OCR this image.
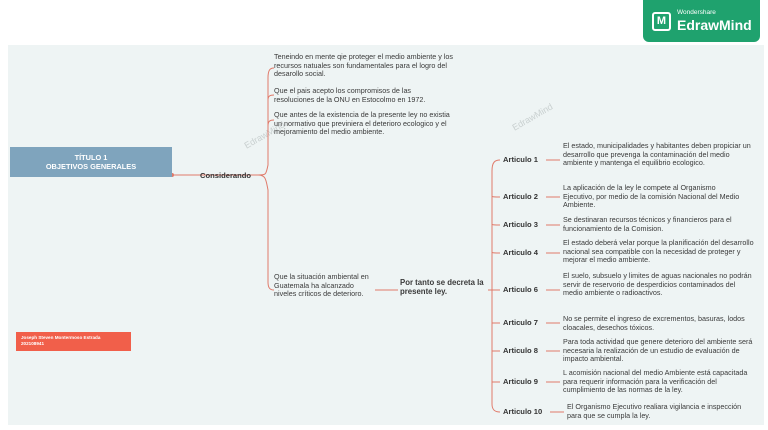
M
Wondershare
EdrawMind
EdrawMind
EdrawMind
TÍTULO 1
OBJETIVOS GENERALES
Considerando
Teneindo en mente qie proteger el medio ambiente y los recursos natuales son fundamentales para el logro del desarollo social.
Que el pais acepto los compromisos de las resoluciones de la ONU en Estocolmo en 1972.
Que antes de la existencia de la presente ley no existia un normativo que previniera el deterioro ecologico y el mejoramiento del medio ambiente.
Que la situación ambiental en Guatemala ha alcanzado niveles críticos de deterioro.
Por tanto se decreta la presente ley.
Articulo 1
El estado, municipalidades y habitantes deben propiciar un desarrollo que prevenga la contaminación del medio ambiente y mantenga el equilibrio ecologico.
Articulo 2
La aplicación de la ley le compete al Organismo Ejecutivo, por medio de la comisión Nacional del Medio Ambiente.
Articulo 3
Se destinaran recursos técnicos y financieros para el funcionamiento de la Comision.
Articulo 4
El estado deberá velar porque la planificación del desarrollo nacional sea compatible con la necesidad de proteger y mejorar el medio ambiente.
Articulo 6
El suelo, subsuelo y limites de aguas nacionales no podrán servir de reservorio de desperdicios contaminados del medio ambiente o radioactivos.
Articulo 7	No se permite el ingreso de excrementos, basuras, lodos cloacales, desechos tóxicos.
Articulo 8
Para toda actividad que genere deterioro del ambiente será necesaria la realización de un estudio de evaluación de impacto ambiental.
Articulo 9
L acomisión nacional del medio Ambiente está capacitada para requerir información para la verificación del cumplimiento de las normas de la ley.
Articulo 10
El Organismo Ejecutivo realiara vigilancia e inspección para que se cumpla la ley.
Joseph Steven Montermoso Estrada
202108941
